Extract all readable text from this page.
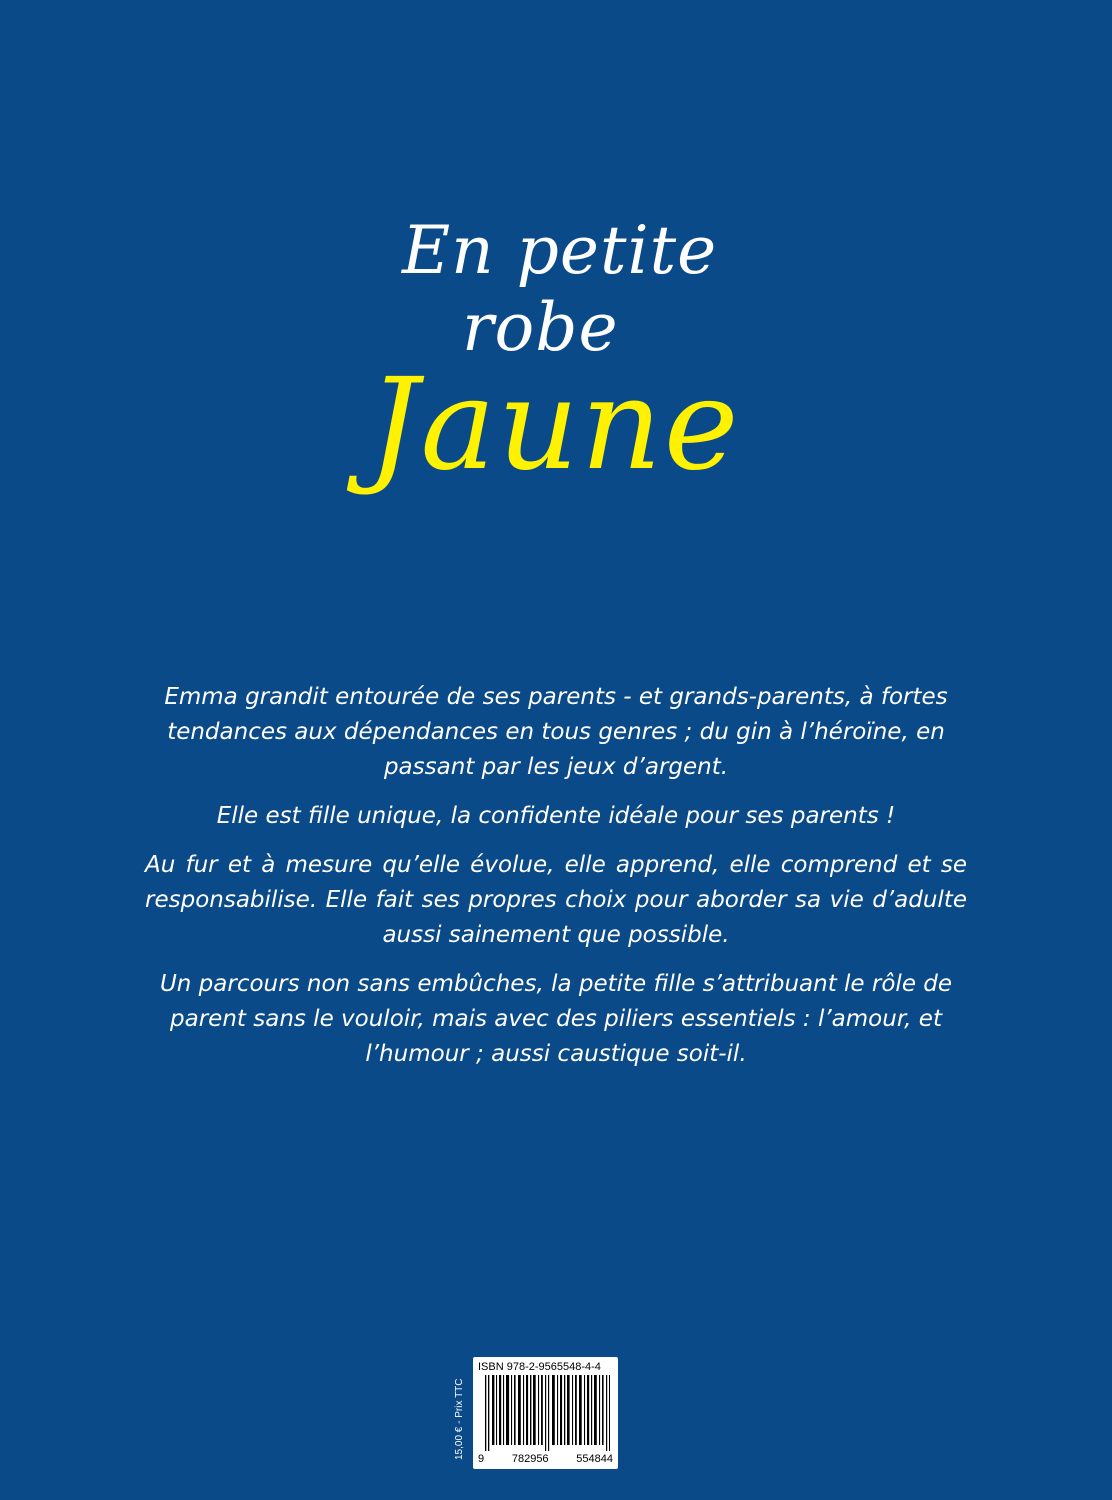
En petite
robe
Jaune

Emma grandit entourée de ses parents - et grands-parents, à fortes tendances aux dépendances en tous genres ; du gin à l’héroïne, en passant par les jeux d’argent.

Elle est fille unique, la confidente idéale pour ses parents !

Au fur et à mesure qu’elle évolue, elle apprend, elle comprend et se responsabilise. Elle fait ses propres choix pour aborder sa vie d’adulte aussi sainement que possible.

Un parcours non sans embûches, la petite fille s’attribuant le rôle de parent sans le vouloir, mais avec des piliers essentiels : l’amour, et l’humour ; aussi caustique soit-il.

15,00 € - Prix TTC
ISBN 978-2-9565548-4-4
9	782956	554844
